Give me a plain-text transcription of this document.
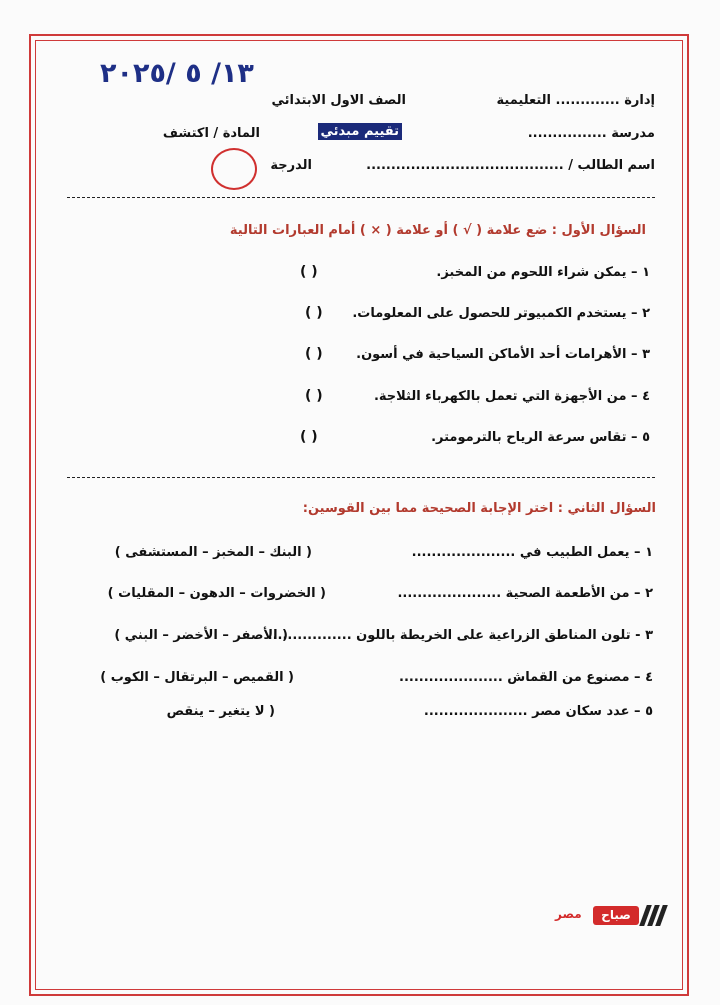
١٣/ ٥ /٢٠٢٥
إدارة ............. التعليمية
الصف الاول الابتدائي
مدرسة ................
تقييم مبدئي
المادة / اكتشف
اسم الطالب / ........................................
الدرجة
السؤال الأول : ضع علامة ( √ ) أو علامة ( × ) أمام العبارات التالية
١ – يمكن شراء اللحوم من المخبز.
( )
٢ – يستخدم الكمبيوتر للحصول على المعلومات.
( )
٣ – الأهرامات أحد الأماكن السياحية في أسون.
( )
٤ – من الأجهزة التي تعمل بالكهرباء الثلاجة.
( )
٥ – تقاس سرعة الرياح بالترمومتر.
( )
السؤال الثاني : اختر الإجابة الصحيحة مما بين القوسين:
١ – يعمل الطبيب في .....................
( البنك – المخبز – المستشفى )
٢ – من الأطعمة الصحية .....................
( الخضروات – الدهون – المقليات )
٣ - تلون المناطق الزراعية على الخريطة باللون .................
( الأصفر – الأخضر – البني )
٤ – مصنوع من القماش .....................
( القميص – البرتقال – الكوب )
٥ – عدد سكان مصر .....................
( لا يتغير – ينقص
مصر	صباح
